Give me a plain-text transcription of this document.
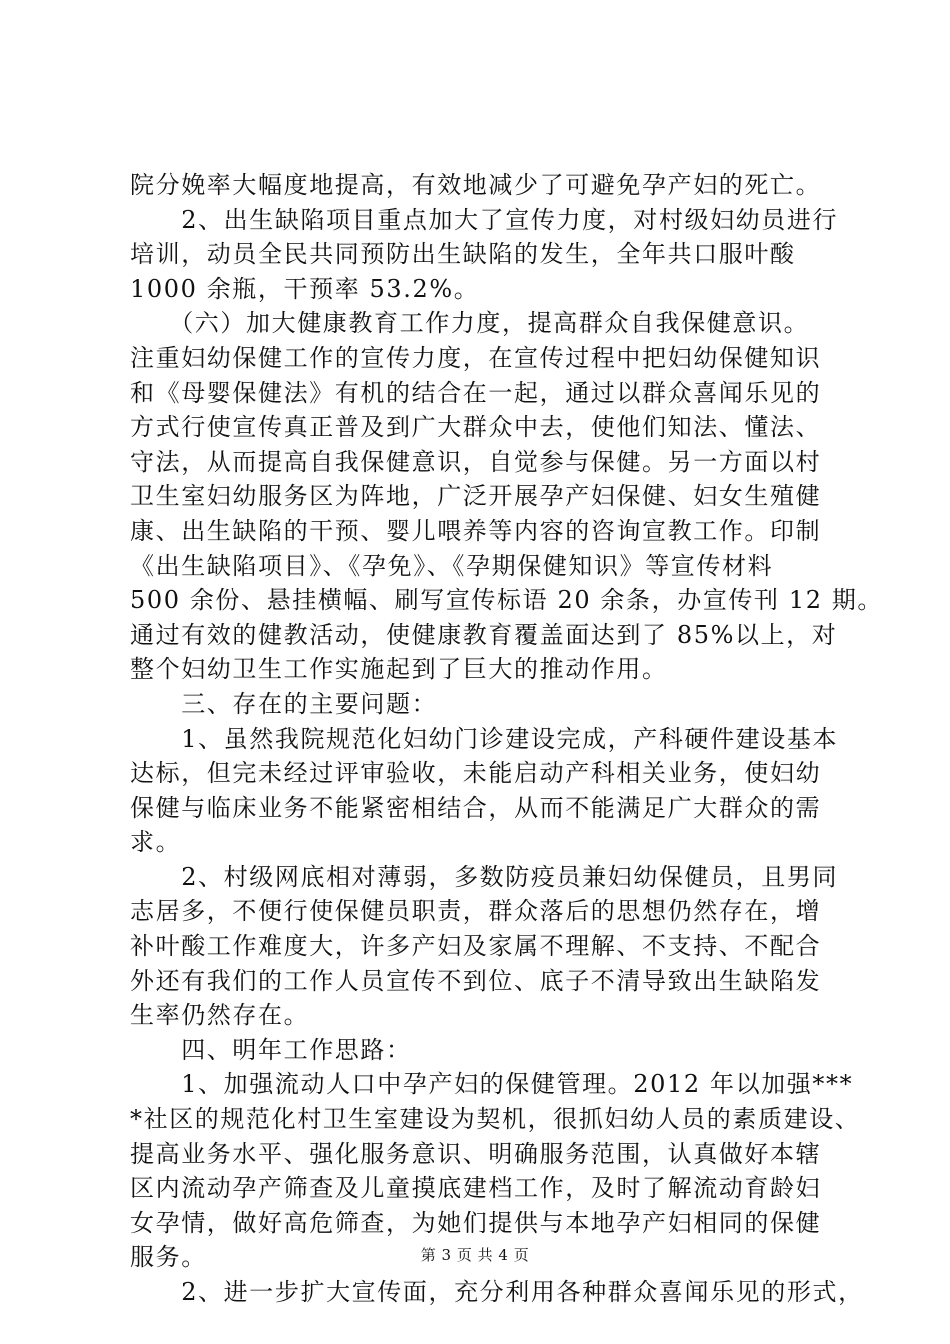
院分娩率大幅度地提高，有效地减少了可避免孕产妇的死亡。
　　2、出生缺陷项目重点加大了宣传力度，对村级妇幼员进行
培训，动员全民共同预防出生缺陷的发生，全年共口服叶酸
1000 余瓶，干预率 53.2%。
　　（六）加大健康教育工作力度，提高群众自我保健意识。
注重妇幼保健工作的宣传力度，在宣传过程中把妇幼保健知识
和《母婴保健法》有机的结合在一起，通过以群众喜闻乐见的
方式行使宣传真正普及到广大群众中去，使他们知法、懂法、
守法，从而提高自我保健意识，自觉参与保健。另一方面以村
卫生室妇幼服务区为阵地，广泛开展孕产妇保健、妇女生殖健
康、出生缺陷的干预、婴儿喂养等内容的咨询宣教工作。印制
《出生缺陷项目》、《孕免》、《孕期保健知识》等宣传材料
500 余份、悬挂横幅、刷写宣传标语 20 余条，办宣传刊 12 期。
通过有效的健教活动，使健康教育覆盖面达到了 85%以上，对
整个妇幼卫生工作实施起到了巨大的推动作用。
　　三、存在的主要问题：
　　1、虽然我院规范化妇幼门诊建设完成，产科硬件建设基本
达标，但完未经过评审验收，未能启动产科相关业务，使妇幼
保健与临床业务不能紧密相结合，从而不能满足广大群众的需
求。
　　2、村级网底相对薄弱，多数防疫员兼妇幼保健员，且男同
志居多，不便行使保健员职责，群众落后的思想仍然存在，增
补叶酸工作难度大，许多产妇及家属不理解、不支持、不配合
外还有我们的工作人员宣传不到位、底子不清导致出生缺陷发
生率仍然存在。
　　四、明年工作思路：
　　1、加强流动人口中孕产妇的保健管理。2012 年以加强***
*社区的规范化村卫生室建设为契机，很抓妇幼人员的素质建设、
提高业务水平、强化服务意识、明确服务范围，认真做好本辖
区内流动孕产筛查及儿童摸底建档工作，及时了解流动育龄妇
女孕情，做好高危筛查，为她们提供与本地孕产妇相同的保健
服务。
　　2、进一步扩大宣传面，充分利用各种群众喜闻乐见的形式，
第 3 页 共 4 页
